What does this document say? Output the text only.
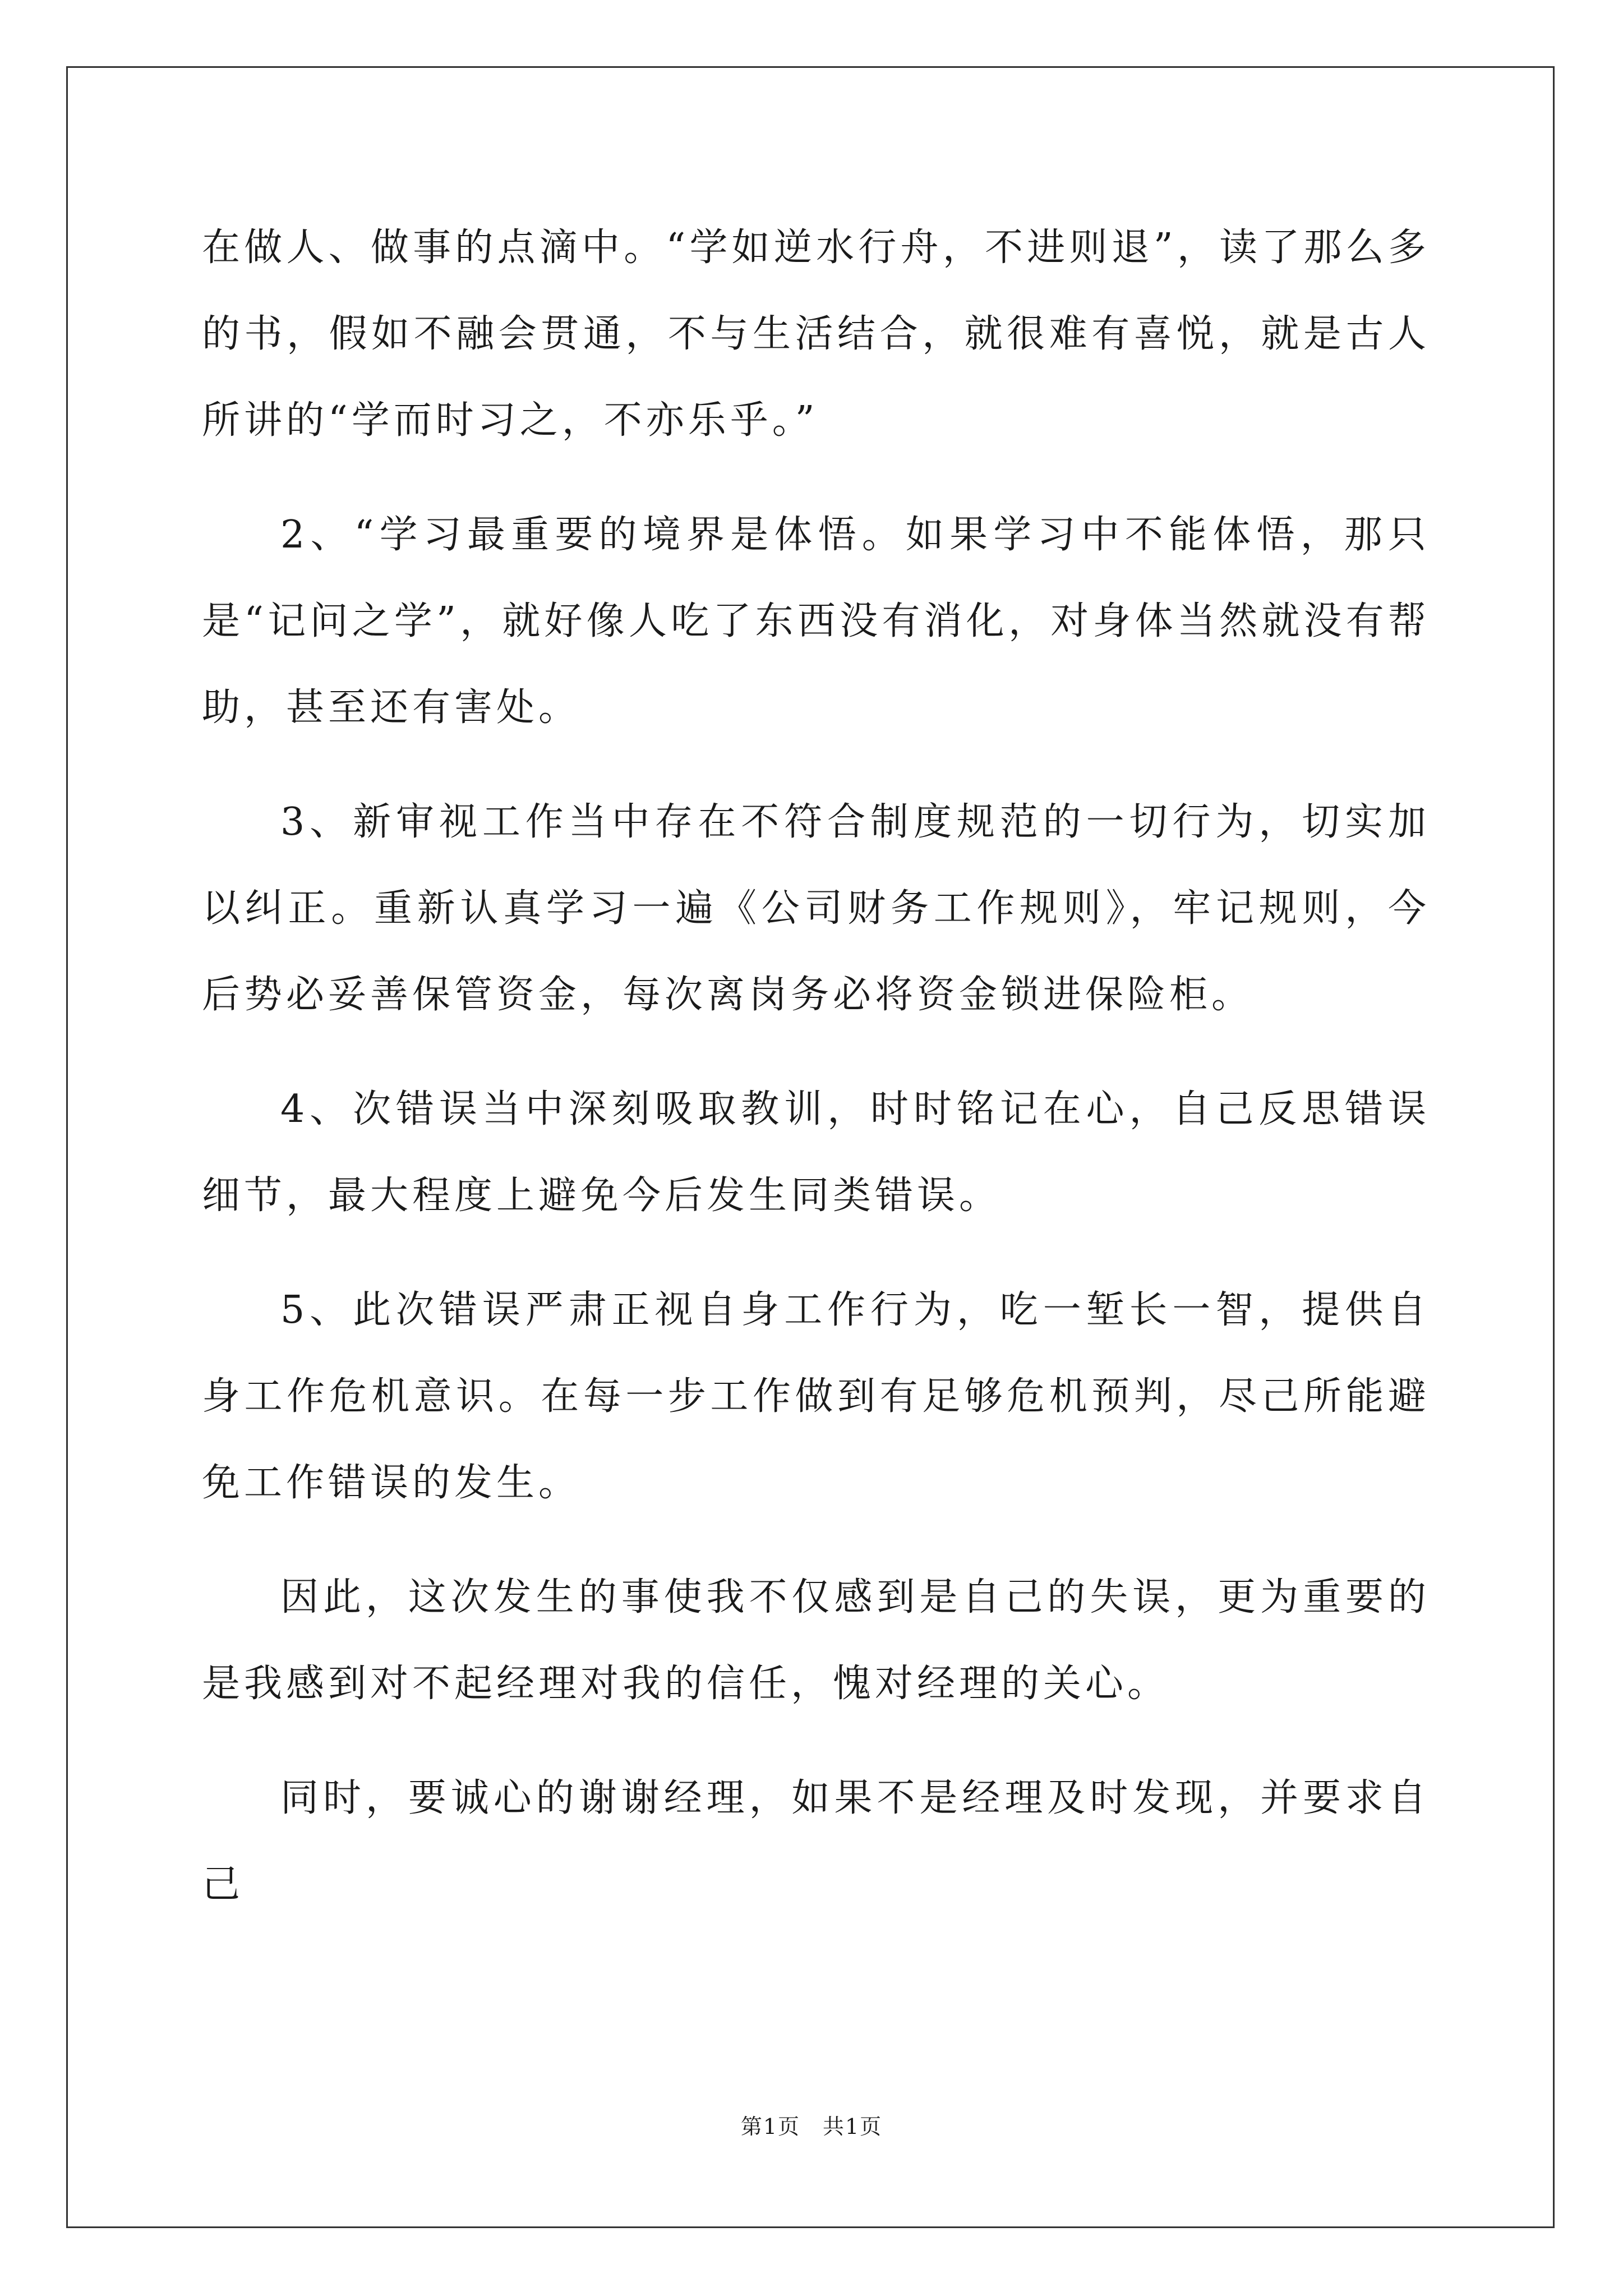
在做人、做事的点滴中。“学如逆水行舟，不进则退”，读了那么多的书，假如不融会贯通，不与生活结合，就很难有喜悦，就是古人所讲的“学而时习之，不亦乐乎。”

2、“学习最重要的境界是体悟。如果学习中不能体悟，那只是“记问之学”，就好像人吃了东西没有消化，对身体当然就没有帮助，甚至还有害处。

3、新审视工作当中存在不符合制度规范的一切行为，切实加以纠正。重新认真学习一遍《公司财务工作规则》，牢记规则，今后势必妥善保管资金，每次离岗务必将资金锁进保险柜。

4、次错误当中深刻吸取教训，时时铭记在心，自己反思错误细节，最大程度上避免今后发生同类错误。

5、此次错误严肃正视自身工作行为，吃一堑长一智，提供自身工作危机意识。在每一步工作做到有足够危机预判，尽己所能避免工作错误的发生。

因此，这次发生的事使我不仅感到是自己的失误，更为重要的是我感到对不起经理对我的信任，愧对经理的关心。

同时，要诚心的谢谢经理，如果不是经理及时发现，并要求自己

第1页 共1页
